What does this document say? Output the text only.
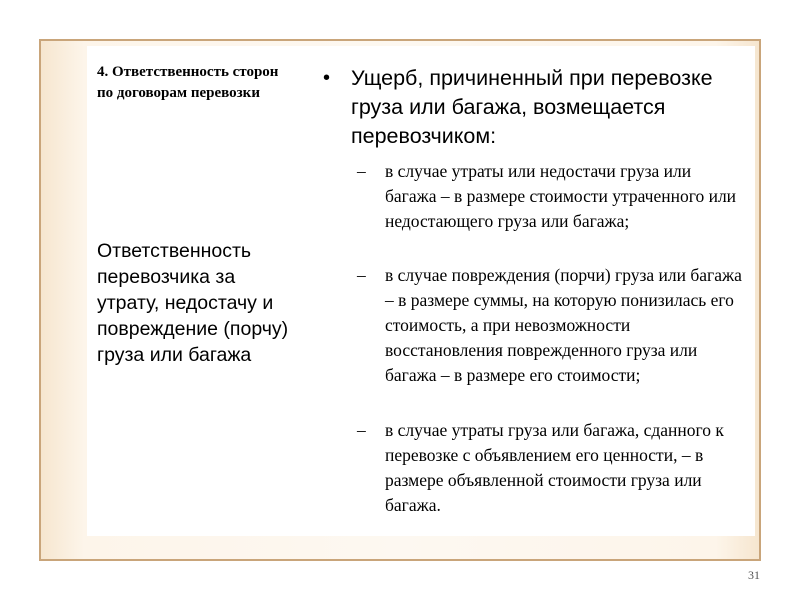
4. Ответственность сторон по договорам перевозки
Ответственность перевозчика за утрату, недостачу и повреждение (порчу) груза или багажа
• Ущерб, причиненный при перевозке груза или багажа, возмещается перевозчиком:
–	в случае утраты или недостачи груза или багажа – в размере стоимости утраченного или недостающего груза или багажа;
–	в случае повреждения (порчи) груза или багажа – в размере суммы, на которую понизилась его стоимость, а при невозможности восстановления поврежденного груза или багажа – в размере его стоимости;
–	в случае утраты груза или багажа, сданного к перевозке с объявлением его ценности, – в размере объявленной стоимости груза или багажа.
31
